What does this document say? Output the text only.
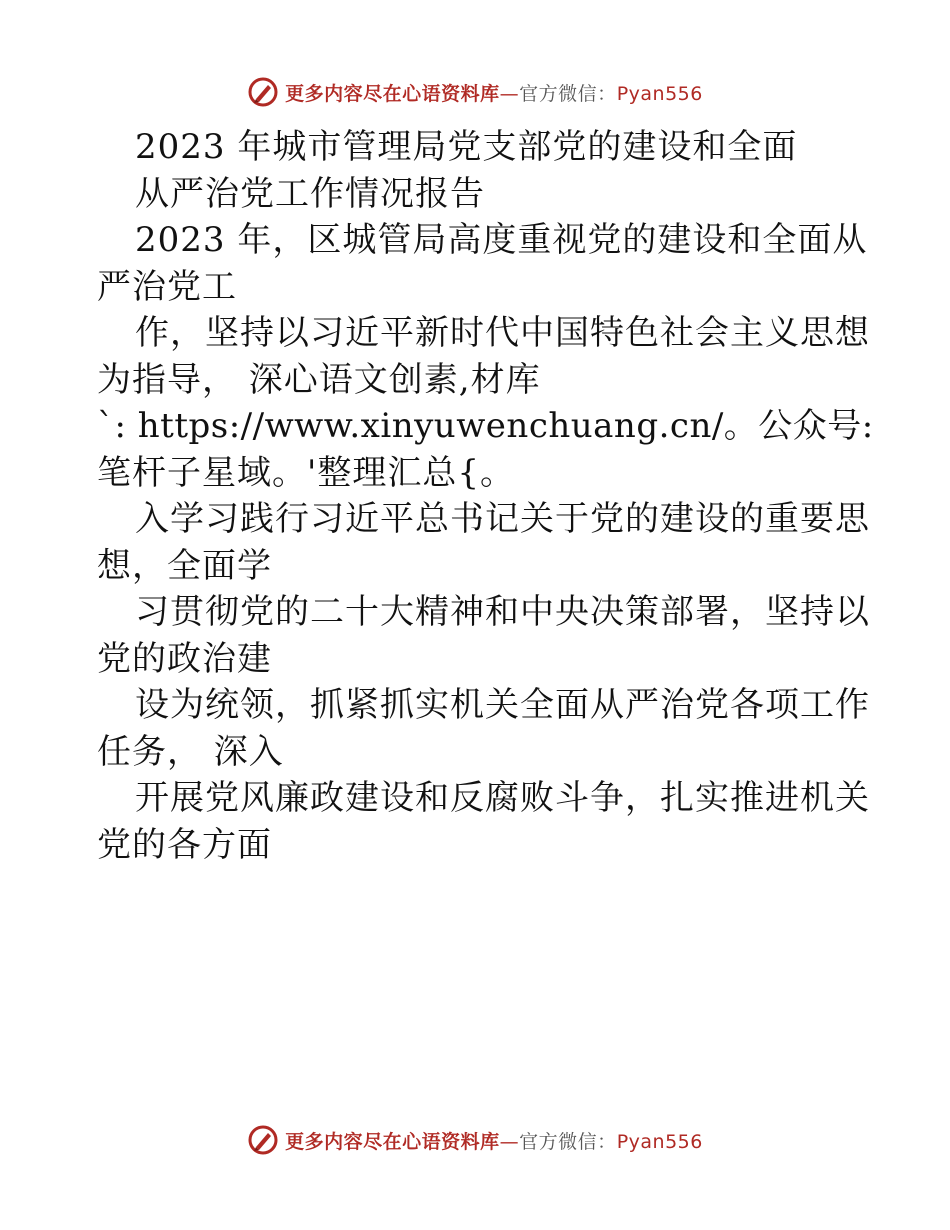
更多内容尽在心语资料库—官方微信：Pyan556
2023 年城市管理局党支部党的建设和全面
从严治党工作情况报告
2023 年，区城管局高度重视党的建设和全面从
严治党工
作，坚持以习近平新时代中国特色社会主义思想
为指导， 深心语文创素,材库
`: https://www.xinyuwenchuang.cn/。公众号:
笔杆子星域。'整理汇总{。
入学习践行习近平总书记关于党的建设的重要思
想，全面学
习贯彻党的二十大精神和中央决策部署，坚持以
党的政治建
设为统领，抓紧抓实机关全面从严治党各项工作
任务， 深入
开展党风廉政建设和反腐败斗争，扎实推进机关
党的各方面
更多内容尽在心语资料库—官方微信：Pyan556
